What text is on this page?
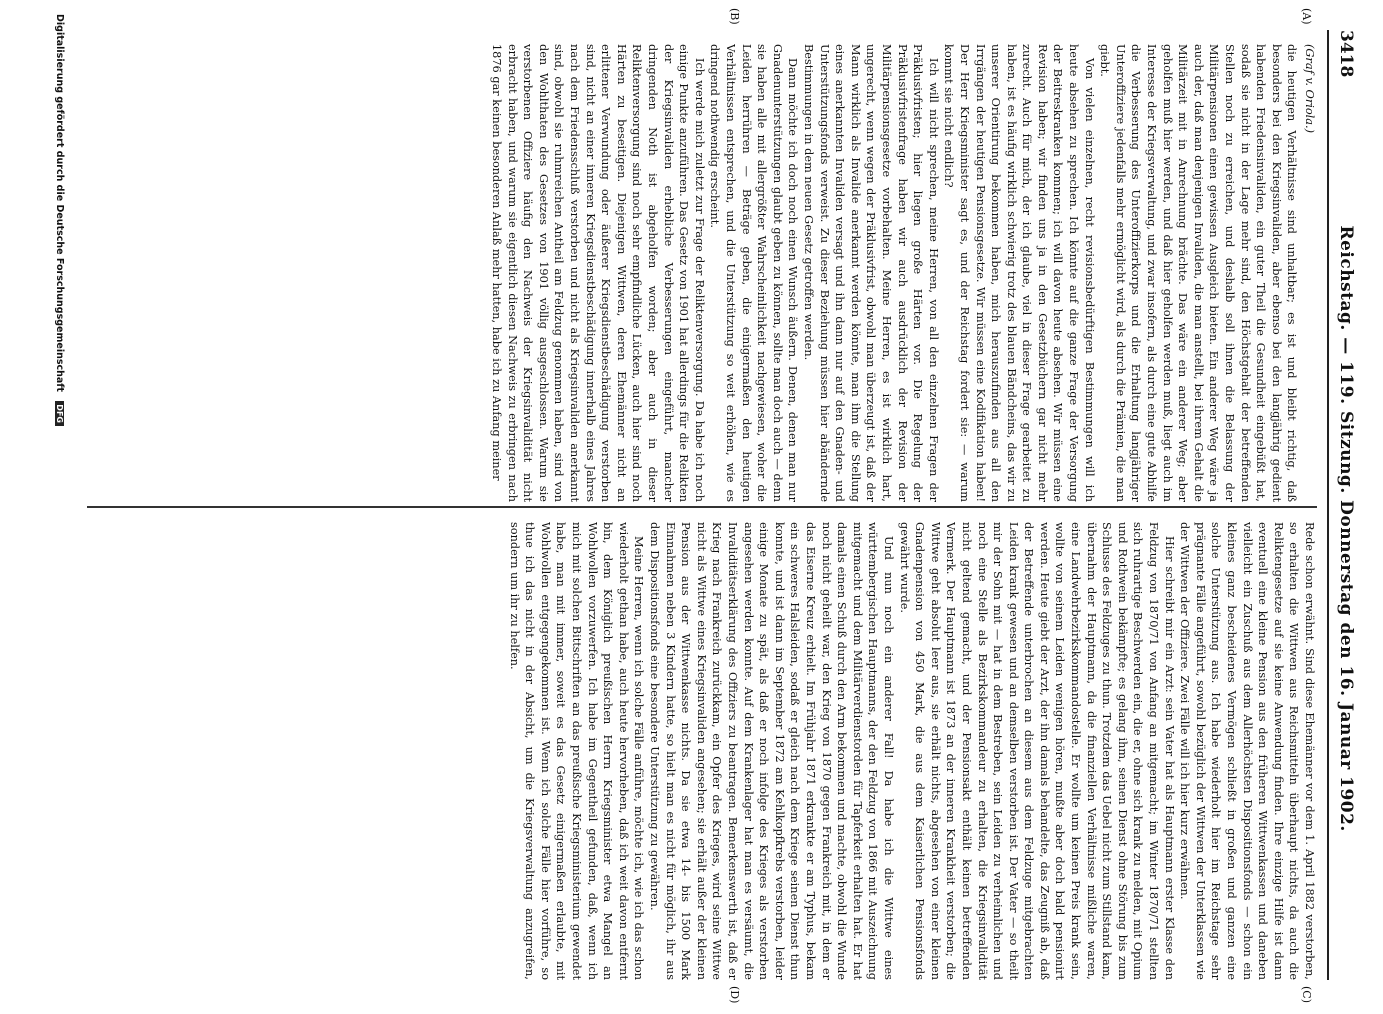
3418
Reichstag. — 119. Sitzung. Donnerstag den 16. Januar 1902.
(A)
(B)
(C)
(D)
(Graf v. Oriola.)

die heutigen Verhältnisse sind unhaltbar; es ist und bleibt richtig, daß besonders bei den Kriegsinvaliden, aber ebenso bei den langjährig gedient habenden Friedensinvaliden, ein guter Theil die Gesundheit eingebüßt hat, sodaß sie nicht in der Lage mehr sind, den Höchstgehalt der betreffenden Stellen noch zu erreichen, und deshalb soll ihnen die Belassung der Militärpensionen einen gewissen Ausgleich bieten. Ein anderer Weg wäre ja auch der, daß man denjenigen Invaliden, die man anstellt, bei ihrem Gehalt die Militärzeit mit in Anrechnung brächte. Das wäre ein anderer Weg; aber geholfen muß hier werden, und daß hier geholfen werden muß, liegt auch im Interesse der Kriegsverwaltung, und zwar insofern, als durch eine gute Abhilfe die Verbesserung des Unteroffizierkorps und die Erhaltung langjähriger Unteroffiziere jedenfalls mehr ermöglicht wird, als durch die Prämien, die man giebt.

Von vielen einzelnen, recht revisionsbedürftigen Bestimmungen will ich heute absehen zu sprechen. Ich könnte auf die ganze Frage der Versorgung der Beitreskranken kommen; ich will davon heute absehen. Wir müssen eine Revision haben; wir finden uns ja in den Gesetzbüchern gar nicht mehr zurecht. Auch für mich, der ich glaube, viel in dieser Frage gearbeitet zu haben, ist es häufig wirklich schwierig trotz des blauen Bändcheins, das wir zu unserer Orientirung bekommen haben, mich herauszufinden aus all den Irrgängen der heutigen Pensionsgesetze. Wir müssen eine Kodifikation haben! Der Herr Kriegsminister sagt es, und der Reichstag fordert sie: — warum kommt sie nicht endlich?

Ich will nicht sprechen, meine Herren, von all den einzelnen Fragen der Präklusivfristen; hier liegen große Härten vor. Die Regelung der Präklusivfristenfrage haben wir auch ausdrücklich der Revision der Militärpensionsgesetze vorbehalten. Meine Herren, es ist wirklich hart, ungerecht, wenn wegen der Präklusivfrist, obwohl man überzeugt ist, daß der Mann wirklich als Invalide anerkannt werden könnte, man ihm die Stellung eines anerkannten Invaliden versagt und ihn dann nur auf den Gnaden- und Unterstützungsfonds verweist. Zu dieser Beziehung müssen hier abändernde Bestimmungen in dem neuen Gesetz getroffen werden.

Dann möchte ich doch noch einen Wunsch äußern. Denen, denen man nur Gnadenunterstützungen glaubt geben zu können, sollte man doch auch — denn sie haben alle mit allergrößter Wahrscheinlichkeit nachgewiesen, woher die Leiden herrühren — Beträge geben, die einigermaßen den heutigen Verhältnissen entsprechen, und die Unterstützung so weit erhöhen, wie es dringend nothwendig erscheint.

Ich werde mich zuletzt zur Frage der Reliktenversorgung. Da habe ich noch einige Punkte anzuführen. Das Gesetz von 1901 hat allerdings für die Relikten der Kriegsinvaliden erhebliche Verbesserungen eingeführt, mancher dringenden Noth ist abgeholfen worden; aber auch in dieser Reliktenversorgung sind noch sehr empfindliche Lücken, auch hier sind noch Härten zu beseitigen. Diejenigen Wittwen, deren Ehemänner nicht an erlittener Verwundung oder äußerer Kriegsdienstbeschädigung verstorben sind, nicht an einer inneren Kriegsdienstbeschädigung innerhalb eines Jahres nach dem Friedensschluß verstorben und nicht als Kriegsinvaliden anerkannt sind, obwohl sie ruhmreichen Antheil am Feldzug genommen haben, sind von den Wohlthaten des Gesetzes von 1901 völlig ausgeschlossen. Warum sie verstorbenen Offiziere häufig den Nachweis der Kriegsinvalidität nicht erbracht haben, und warum sie eigentlich diesen Nachweis zu erbringen nach 1876 gar keinen besonderen Anlaß mehr hatten, habe ich zu Anfang meiner

Rede schon erwähnt. Sind diese Ehemänner vor dem 1. April 1882 verstorben, so erhalten die Wittwen aus Reichsmitteln überhaupt nichts, da auch die Reliktengesetze auf sie keine Anwendung finden. Ihre einzige Hilfe ist dann eventuell eine kleine Pension aus den früheren Wittwenkassen und daneben vielleicht ein Zuschuß aus dem Allerhöchsten Dispositionsfonds — schon ein kleines ganz bescheidenes Vermögen schließt in großen und ganzen eine solche Unterstützung aus. Ich habe wiederholt hier im Reichstage sehr prägnante Fälle angeführt, sowohl bezüglich der Wittwen der Unterklassen wie der Wittwen der Offiziere. Zwei Fälle will ich hier kurz erwähnen.

Hier schreibt mir ein Arzt: sein Vater hat als Hauptmann erster Klasse den Feldzug von 1870/71 von Anfang an mitgemacht; im Winter 1870/71 stellten sich ruhrartige Beschwerden ein, die er, ohne sich krank zu melden, mit Opium und Rothwein bekämpfte; es gelang ihm, seinen Dienst ohne Störung bis zum Schlusse des Feldzuges zu thun. Trotzdem das Uebel nicht zum Stillstand kam, übernahm der Hauptmann, da die finanziellen Verhältnisse mißliche waren, eine Landwehrbezirkskommandostelle. Er wollte um keinen Preis krank sein, wollte von seinem Leiden wenigen hören, mußte aber doch bald pensionirt werden. Heute giebt der Arzt, der ihn damals behandelte, das Zeugniß ab, daß der Betreffende unterbrochen an diesem aus dem Feldzuge mitgebrachten Leiden krank gewesen und an demselben verstorben ist. Der Vater — so theilt mir der Sohn mit — hat in dem Bestreben, sein Leiden zu verheimlichen und noch eine Stelle als Bezirkskommandeur zu erhalten, die Kriegsinvalidität nicht geltend gemacht, und der Pensionsakt enthält keinen betreffenden Vermerk. Der Hauptmann ist 1873 an der inneren Krankheit verstorben; die Wittwe geht absolut leer aus, sie erhält nichts, abgesehen von einer kleinen Gnadenpension von 450 Mark, die aus dem Kaiserlichen Pensionsfonds gewährt wurde.

Und nun noch ein anderer Fall! Da habe ich die Wittwe eines württembergischen Hauptmanns, der den Feldzug von 1866 mit Auszeichnung mitgemacht und dem Militärverdienstorden für Tapferkeit erhalten hat. Er hat damals einen Schuß durch den Arm bekommen und machte, obwohl die Wunde noch nicht geheilt war, den Krieg von 1870 gegen Frankreich mit, in dem er das Eiserne Kreuz erhielt. Im Frühjahr 1871 erkrankte er am Typhus, bekam ein schweres Halsleiden, sodaß er gleich nach dem Kriege seinen Dienst thun konnte, und ist dann im September 1872 am Kehlkopfkrebs verstorben, leider einige Monate zu spät, als daß er noch infolge des Krieges als verstorben angesehen werden konnte. Auf dem Krankenlager hat man es versäumt, die Invaliditätserklärung des Offiziers zu beantragen. Bemerkenswerth ist, daß er Krieg nach Frankreich zurückkam, ein Opfer des Krieges, wird seine Wittwe nicht als Wittwe eines Kriegsinvaliden angesehen; sie erhält außer der kleinen Pension aus der Wittwenkasse nichts. Da sie etwa 14- bis 1500 Mark Einnahmen neben 3 Kindern hatte, so hielt man es nicht für möglich, ihr aus dem Dispositionsfonds eine besondere Unterstützung zu gewähren.

Meine Herren, wenn ich solche Fälle anführe, möchte ich, wie ich das schon wiederholt gethan habe, auch heute hervorheben, daß ich weit davon entfernt bin, dem Königlich preußischen Herrn Kriegsminister etwa Mangel an Wohlwollen vorzuwerfen. Ich habe im Gegentheil gefunden, daß, wenn ich mich mit solchen Bittschriften an das preußische Kriegsministerium gewendet habe, man mit immer, soweit es das Gesetz einigermaßen erlaubte, mit Wohlwollen entgegengekommen ist. Wenn ich solche Fälle hier vorführe, so thue ich das nicht in der Absicht, um die Kriegsverwaltung anzugreifen, sondern um ihr zu helfen.

Digitalisierung gefördert durch die Deutsche Forschungsgemeinschaft DFG
